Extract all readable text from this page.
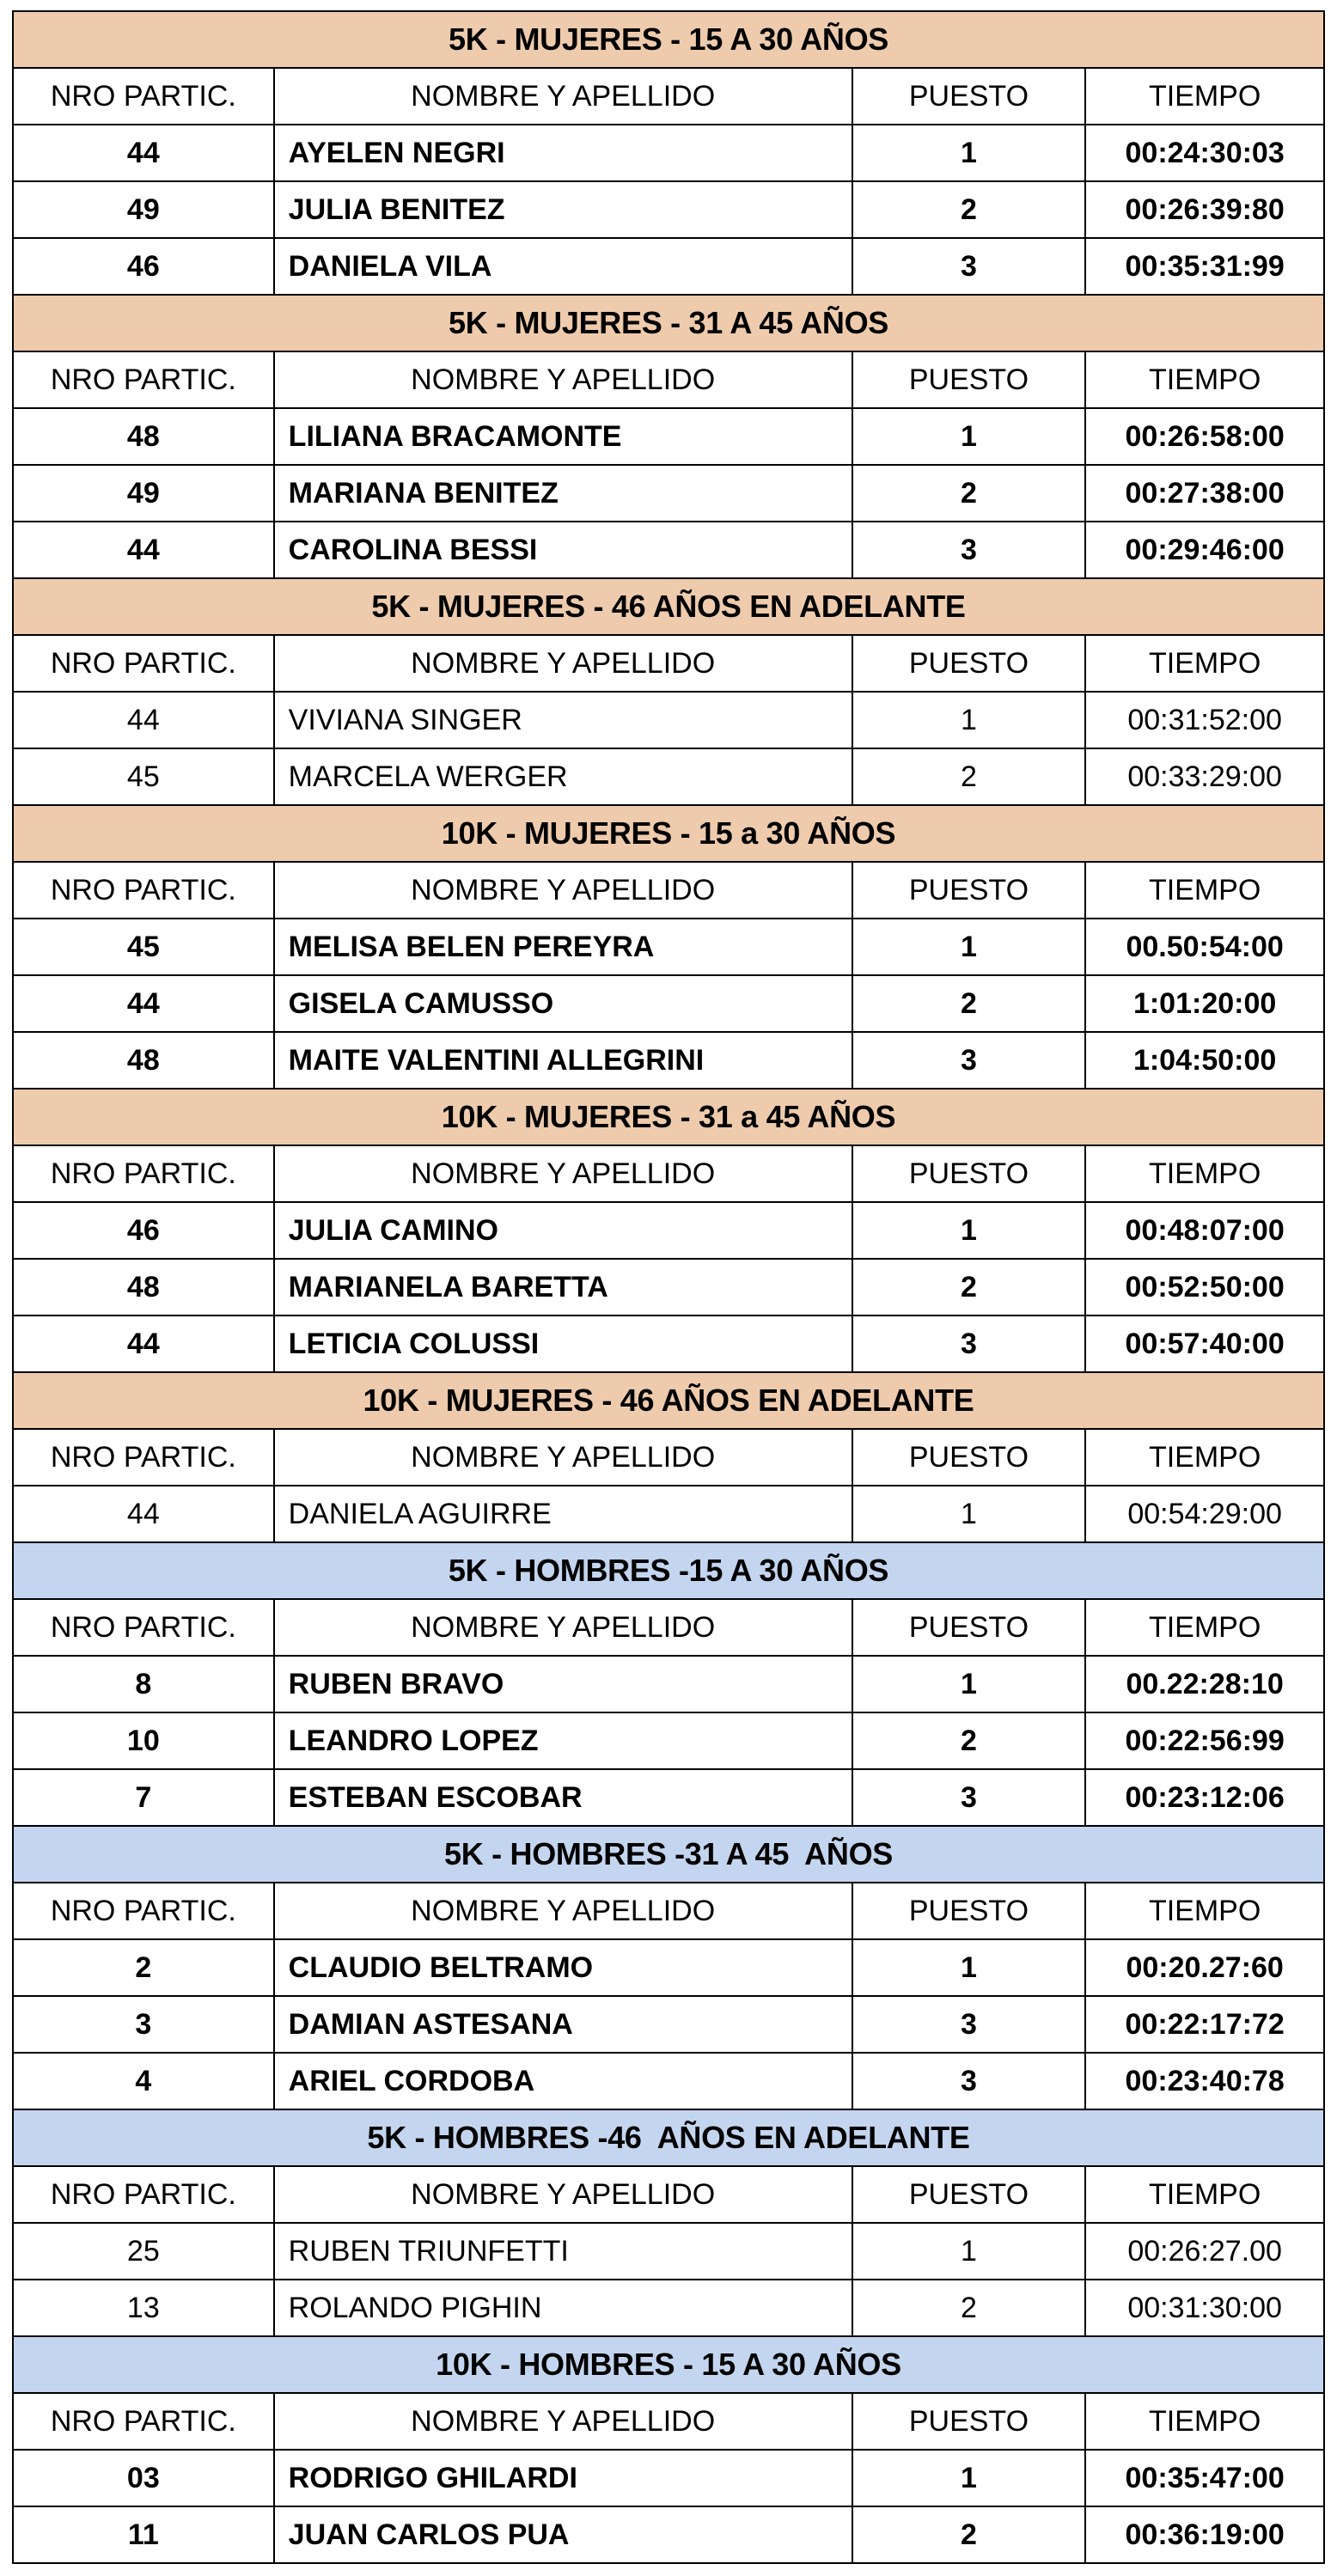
5K - MUJERES - 15 A 30 AÑOS			
NRO PARTIC.	NOMBRE Y APELLIDO	PUESTO	TIEMPO
44	AYELEN NEGRI	1	00:24:30:03
49	JULIA BENITEZ	2	00:26:39:80
46	DANIELA VILA	3	00:35:31:99
5K - MUJERES - 31 A 45 AÑOS			
NRO PARTIC.	NOMBRE Y APELLIDO	PUESTO	TIEMPO
48	LILIANA BRACAMONTE	1	00:26:58:00
49	MARIANA BENITEZ	2	00:27:38:00
44	CAROLINA BESSI	3	00:29:46:00
5K - MUJERES - 46 AÑOS EN ADELANTE			
NRO PARTIC.	NOMBRE Y APELLIDO	PUESTO	TIEMPO
44	VIVIANA SINGER	1	00:31:52:00
45	MARCELA WERGER	2	00:33:29:00
10K - MUJERES - 15 a 30 AÑOS			
NRO PARTIC.	NOMBRE Y APELLIDO	PUESTO	TIEMPO
45	MELISA BELEN PEREYRA	1	00.50:54:00
44	GISELA CAMUSSO	2	1:01:20:00
48	MAITE VALENTINI ALLEGRINI	3	1:04:50:00
10K - MUJERES - 31 a 45 AÑOS			
NRO PARTIC.	NOMBRE Y APELLIDO	PUESTO	TIEMPO
46	JULIA CAMINO	1	00:48:07:00
48	MARIANELA BARETTA	2	00:52:50:00
44	LETICIA COLUSSI	3	00:57:40:00
10K - MUJERES - 46 AÑOS EN ADELANTE			
NRO PARTIC.	NOMBRE Y APELLIDO	PUESTO	TIEMPO
44	DANIELA AGUIRRE	1	00:54:29:00
5K - HOMBRES -15 A 30 AÑOS			
NRO PARTIC.	NOMBRE Y APELLIDO	PUESTO	TIEMPO
8	RUBEN BRAVO	1	00.22:28:10
10	LEANDRO LOPEZ	2	00:22:56:99
7	ESTEBAN ESCOBAR	3	00:23:12:06
5K - HOMBRES -31 A 45  AÑOS			
NRO PARTIC.	NOMBRE Y APELLIDO	PUESTO	TIEMPO
2	CLAUDIO BELTRAMO	1	00:20.27:60
3	DAMIAN ASTESANA	3	00:22:17:72
4	ARIEL CORDOBA	3	00:23:40:78
5K - HOMBRES -46  AÑOS EN ADELANTE			
NRO PARTIC.	NOMBRE Y APELLIDO	PUESTO	TIEMPO
25	RUBEN TRIUNFETTI	1	00:26:27.00
13	ROLANDO PIGHIN	2	00:31:30:00
10K - HOMBRES - 15 A 30 AÑOS			
NRO PARTIC.	NOMBRE Y APELLIDO	PUESTO	TIEMPO
03	RODRIGO GHILARDI	1	00:35:47:00
11	JUAN CARLOS PUA	2	00:36:19:00
